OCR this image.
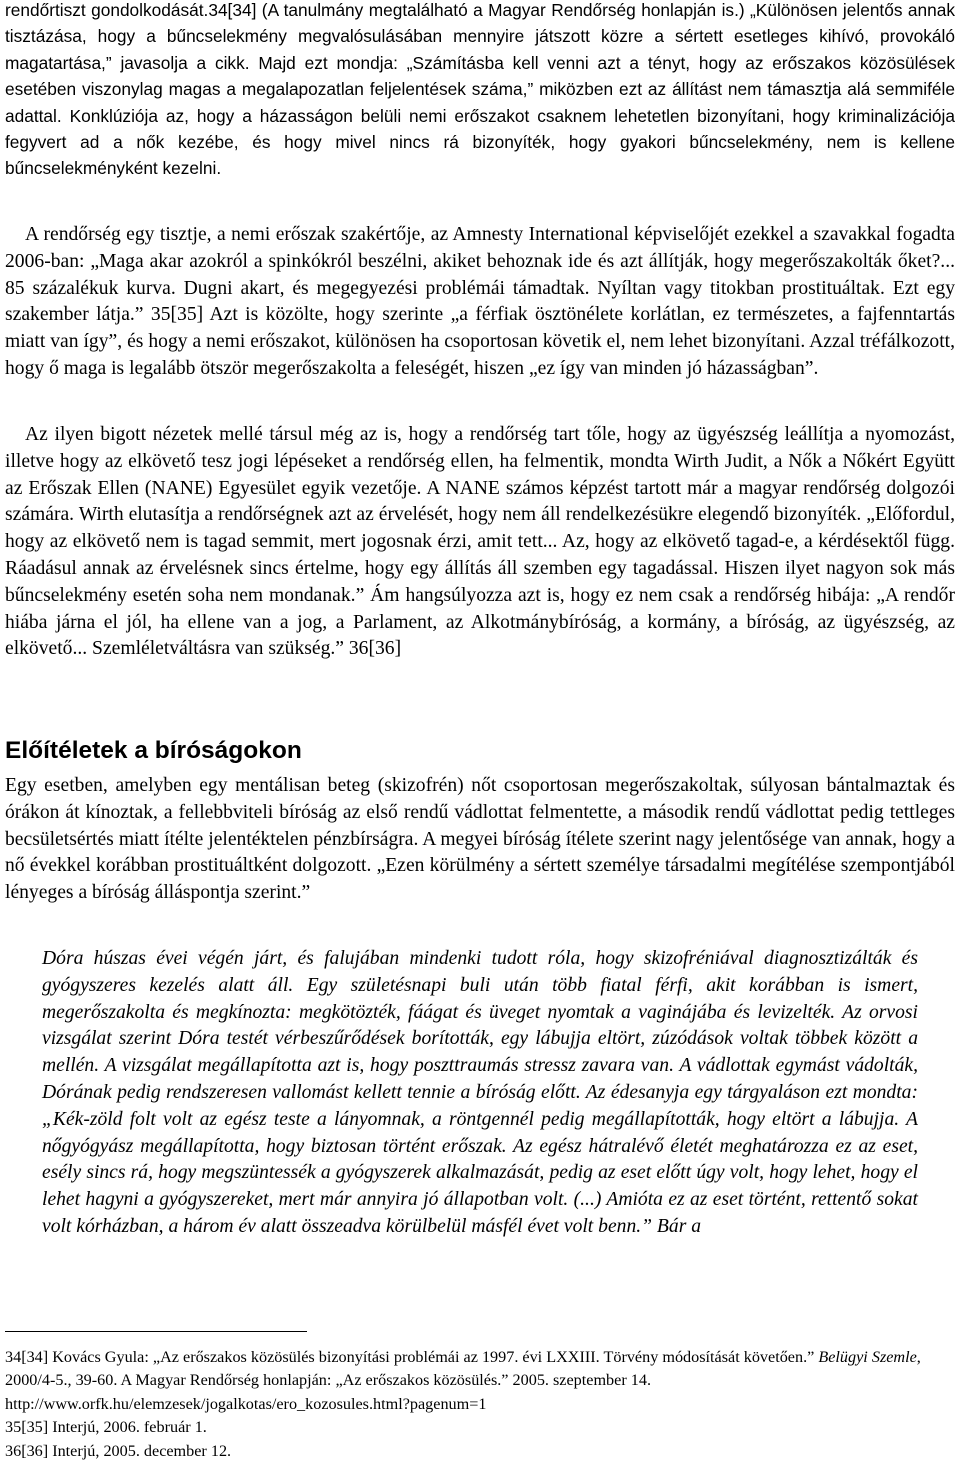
rendőrtiszt gondolkodását.34[34] (A tanulmány megtalálható a Magyar Rendőrség honlapján is.) „Különösen jelentős annak tisztázása, hogy a bűncselekmény megvalósulásában mennyire játszott közre a sértett esetleges kihívó, provokáló magatartása,” javasolja a cikk. Majd ezt mondja: „Számításba kell venni azt a tényt, hogy az erőszakos közösülések esetében viszonylag magas a megalapozatlan feljelentések száma,” miközben ezt az állítást nem támasztja alá semmiféle adattal. Konklúziója az, hogy a házasságon belüli nemi erőszakot csaknem lehetetlen bizonyítani, hogy kriminalizációja fegyvert ad a nők kezébe, és hogy mivel nincs rá bizonyíték, hogy gyakori bűncselekmény, nem is kellene bűncselekményként kezelni.
A rendőrség egy tisztje, a nemi erőszak szakértője, az Amnesty International képviselőjét ezekkel a szavakkal fogadta 2006-ban: „Maga akar azokról a spinkókról beszélni, akiket behoznak ide és azt állítják, hogy megerőszakolták őket?... 85 százalékuk kurva. Dugni akart, és megegyezési problémái támadtak. Nyíltan vagy titokban prostituáltak. Ezt egy szakember látja.” 35[35] Azt is közölte, hogy szerinte „a férfiak ösztönélete korlátlan, ez természetes, a fajfenntartás miatt van így”, és hogy a nemi erőszakot, különösen ha csoportosan követik el, nem lehet bizonyítani. Azzal tréfálkozott, hogy ő maga is legalább ötször megerőszakolta a feleségét, hiszen „ez így van minden jó házasságban”.
Az ilyen bigott nézetek mellé társul még az is, hogy a rendőrség tart tőle, hogy az ügyészség leállítja a nyomozást, illetve hogy az elkövető tesz jogi lépéseket a rendőrség ellen, ha felmentik, mondta Wirth Judit, a Nők a Nőkért Együtt az Erőszak Ellen (NANE) Egyesület egyik vezetője. A NANE számos képzést tartott már a magyar rendőrség dolgozói számára. Wirth elutasítja a rendőrségnek azt az érvelését, hogy nem áll rendelkezésükre elegendő bizonyíték. „Előfordul, hogy az elkövető nem is tagad semmit, mert jogosnak érzi, amit tett... Az, hogy az elkövető tagad-e, a kérdésektől függ. Ráadásul annak az érvelésnek sincs értelme, hogy egy állítás áll szemben egy tagadással. Hiszen ilyet nagyon sok más bűncselekmény esetén soha nem mondanak.” Ám hangsúlyozza azt is, hogy ez nem csak a rendőrség hibája: „A rendőr hiába járna el jól, ha ellene van a jog, a Parlament, az Alkotmánybíróság, a kormány, a bíróság, az ügyészség, az elkövető... Szemléletváltásra van szükség.” 36[36]
Előítéletek a bíróságokon
Egy esetben, amelyben egy mentálisan beteg (skizofrén) nőt csoportosan megerőszakoltak, súlyosan bántalmaztak és órákon át kínoztak, a fellebbviteli bíróság az első rendű vádlottat felmentette, a második rendű vádlottat pedig tettleges becsületsértés miatt ítélte jelentéktelen pénzbírságra. A megyei bíróság ítélete szerint nagy jelentősége van annak, hogy a nő évekkel korábban prostituáltként dolgozott. „Ezen körülmény a sértett személye társadalmi megítélése szempontjából lényeges a bíróság álláspontja szerint.”
Dóra húszas évei végén járt, és falujában mindenki tudott róla, hogy skizofréniával diagnosztizálták és gyógyszeres kezelés alatt áll. Egy születésnapi buli után több fiatal férfi, akit korábban is ismert, megerőszakolta és megkínozta: megkötözték, fáágat és üveget nyomtak a vaginájába és levizelték. Az orvosi vizsgálat szerint Dóra testét vérbeszűrődések borították, egy lábujja eltört, zúzódások voltak többek között a mellén. A vizsgálat megállapította azt is, hogy poszttraumás stressz zavara van. A vádlottak egymást vádolták, Dórának pedig rendszeresen vallomást kellett tennie a bíróság előtt. Az édesanyja egy tárgyaláson ezt mondta: „Kék-zöld folt volt az egész teste a lányomnak, a röntgennél pedig megállapították, hogy eltört a lábujja. A nőgyógyász megállapította, hogy biztosan történt erőszak. Az egész hátralévő életét meghatározza ez az eset, esély sincs rá, hogy megszüntessék a gyógyszerek alkalmazását, pedig az eset előtt úgy volt, hogy lehet, hogy el lehet hagyni a gyógyszereket, mert már annyira jó állapotban volt. (...) Amióta ez az eset történt, rettentő sokat volt kórházban, a három év alatt összeadva körülbelül másfél évet volt benn.” Bár a
34[34] Kovács Gyula: „Az erőszakos közösülés bizonyítási problémái az 1997. évi LXXIII. Törvény módosítását követően.” Belügyi Szemle, 2000/4-5., 39-60. A Magyar Rendőrség honlapján: „Az erőszakos közösülés.” 2005. szeptember 14. http://www.orfk.hu/elemzesek/jogalkotas/ero_kozosules.html?pagenum=1
35[35] Interjú, 2006. február 1.
36[36] Interjú, 2005. december 12.
